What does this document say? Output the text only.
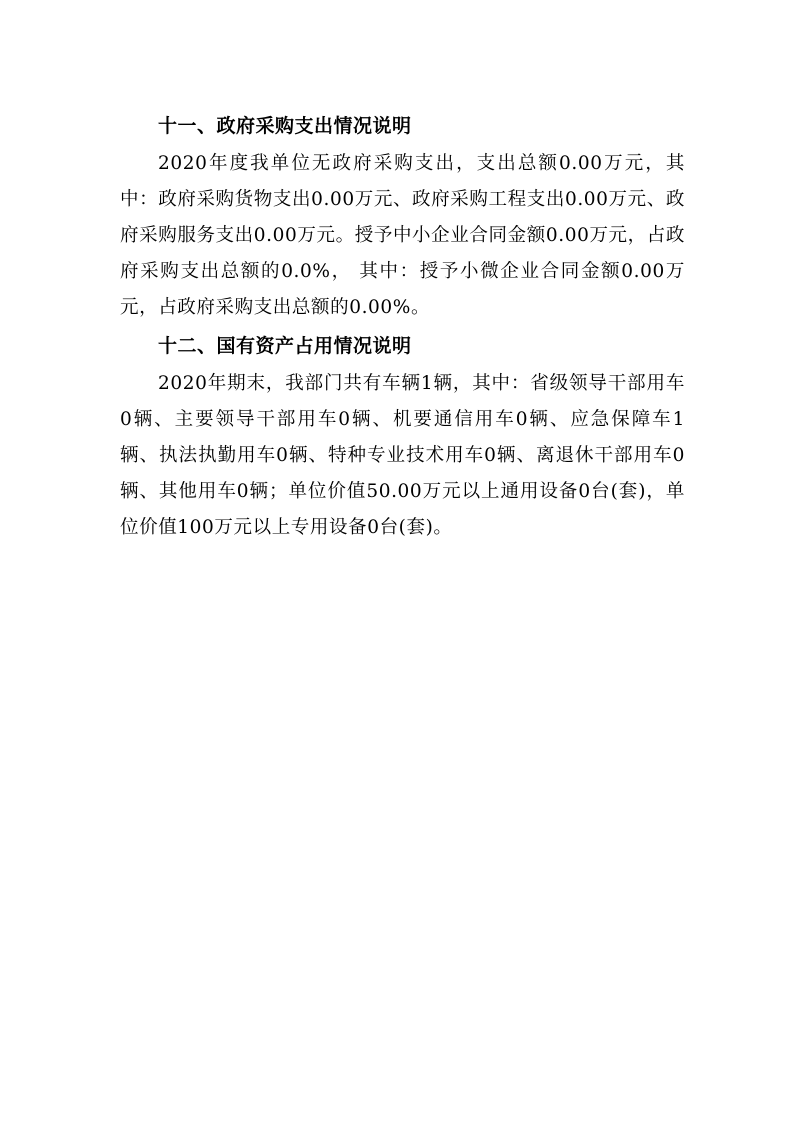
十一、政府采购支出情况说明

2020年度我单位无政府采购支出，支出总额0.00万元，其中：政府采购货物支出0.00万元、政府采购工程支出0.00万元、政府采购服务支出0.00万元。授予中小企业合同金额0.00万元，占政府采购支出总额的0.0%， 其中：授予小微企业合同金额0.00万元，占政府采购支出总额的0.00%。

十二、国有资产占用情况说明

2020年期末，我部门共有车辆1辆，其中：省级领导干部用车0辆、主要领导干部用车0辆、机要通信用车0辆、应急保障车1辆、执法执勤用车0辆、特种专业技术用车0辆、离退休干部用车0辆、其他用车0辆；单位价值50.00万元以上通用设备0台(套)，单位价值100万元以上专用设备0台(套)。
